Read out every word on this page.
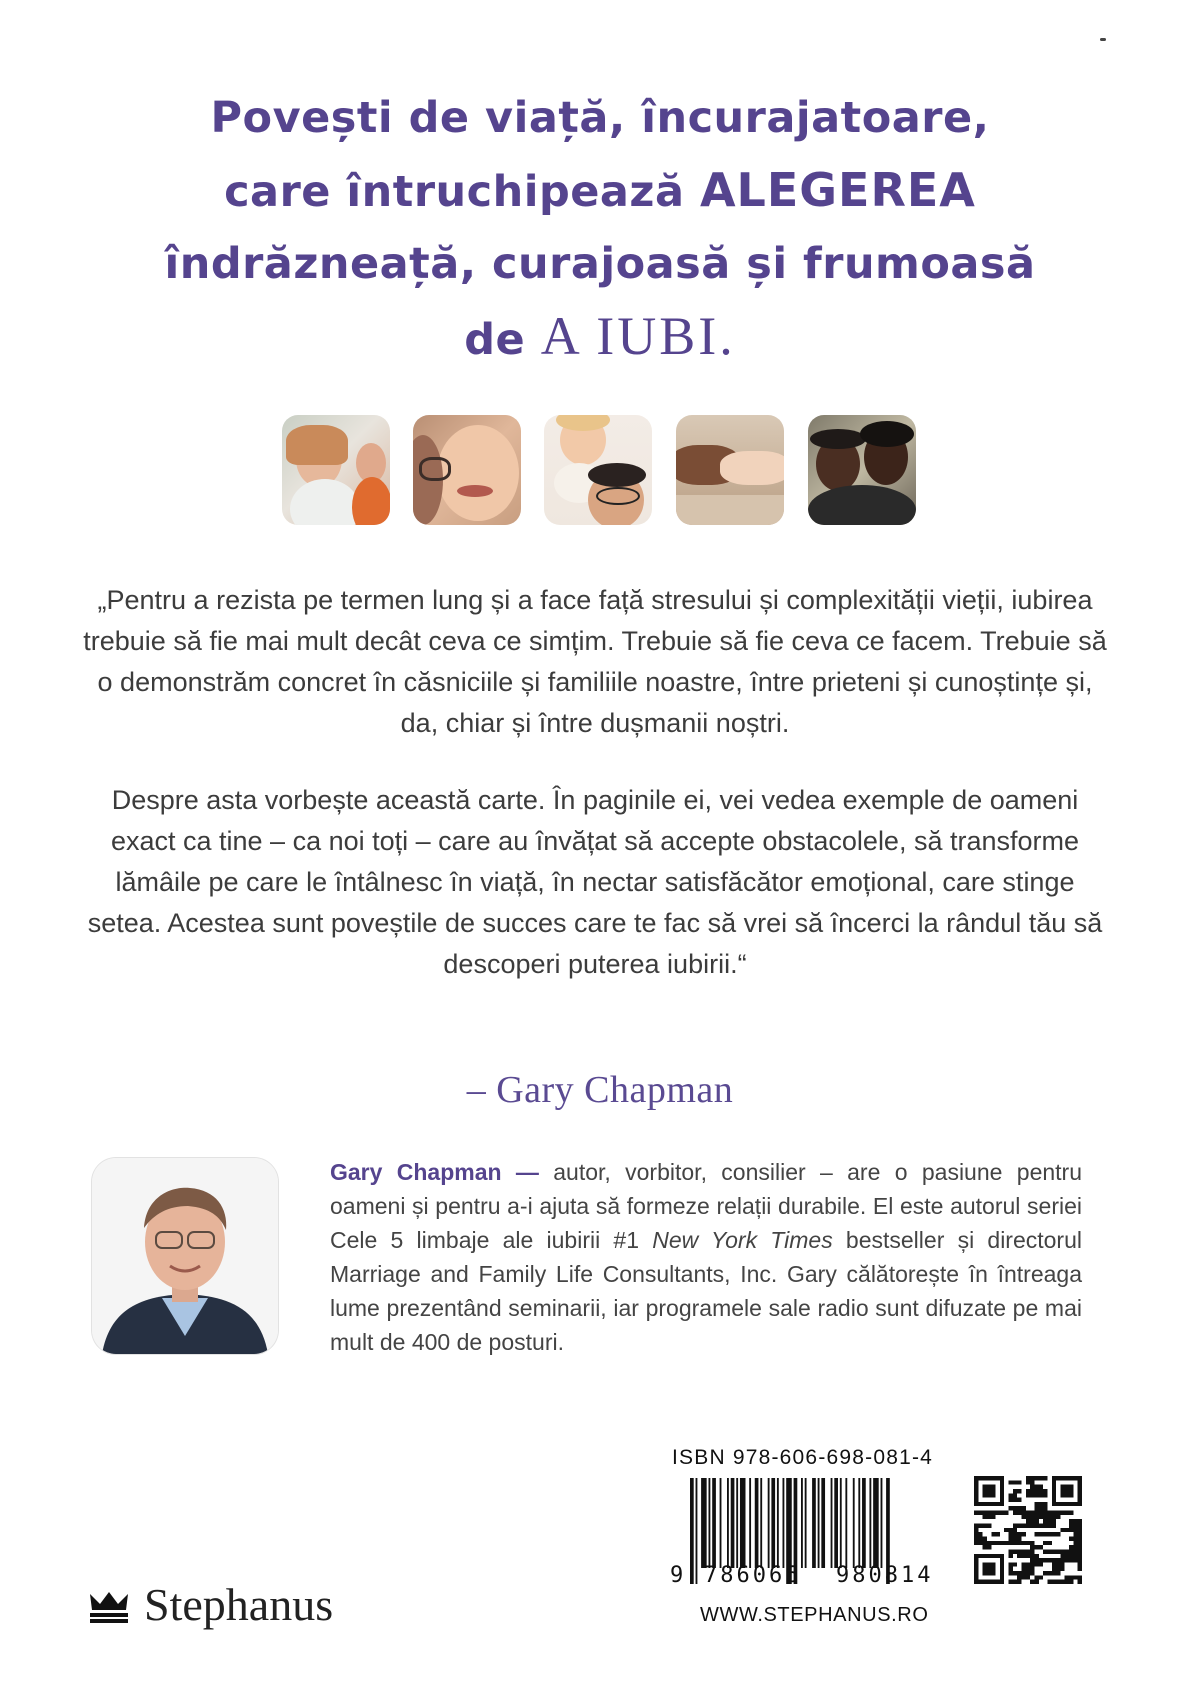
Povești de viață, încurajatoare,
care întruchipează ALEGEREA
îndrăzneață, curajoasă și frumoasă
de A IUBI.

„Pentru a rezista pe termen lung și a face față stresului și complexității vieții, iubirea trebuie să fie mai mult decât ceva ce simțim. Trebuie să fie ceva ce facem. Trebuie să o demonstrăm concret în căsniciile și familiile noastre, între prieteni și cunoștințe și, da, chiar și între dușmanii noștri.

Despre asta vorbește această carte. În paginile ei, vei vedea exemple de oameni exact ca tine – ca noi toți – care au învățat să accepte obstacolele, să transforme lămâile pe care le întâlnesc în viață, în nectar satisfăcător emoțional, care stinge setea. Acestea sunt poveștile de succes care te fac să vrei să încerci la rândul tău să descoperi puterea iubirii.“

– Gary Chapman
Gary Chapman — autor, vorbitor, consilier – are o pasiune pentru oameni și pentru a-i ajuta să formeze relații durabile. El este autorul seriei Cele 5 limbaje ale iubirii #1 New York Times bestseller și directorul Marriage and Family Life Consultants, Inc. Gary călătorește în întreaga lume prezentând seminarii, iar programele sale radio sunt difuzate pe mai mult de 400 de posturi.
ISBN 978-606-698-081-4
9 786066 980814
WWW.STEPHANUS.RO
Stephanus
